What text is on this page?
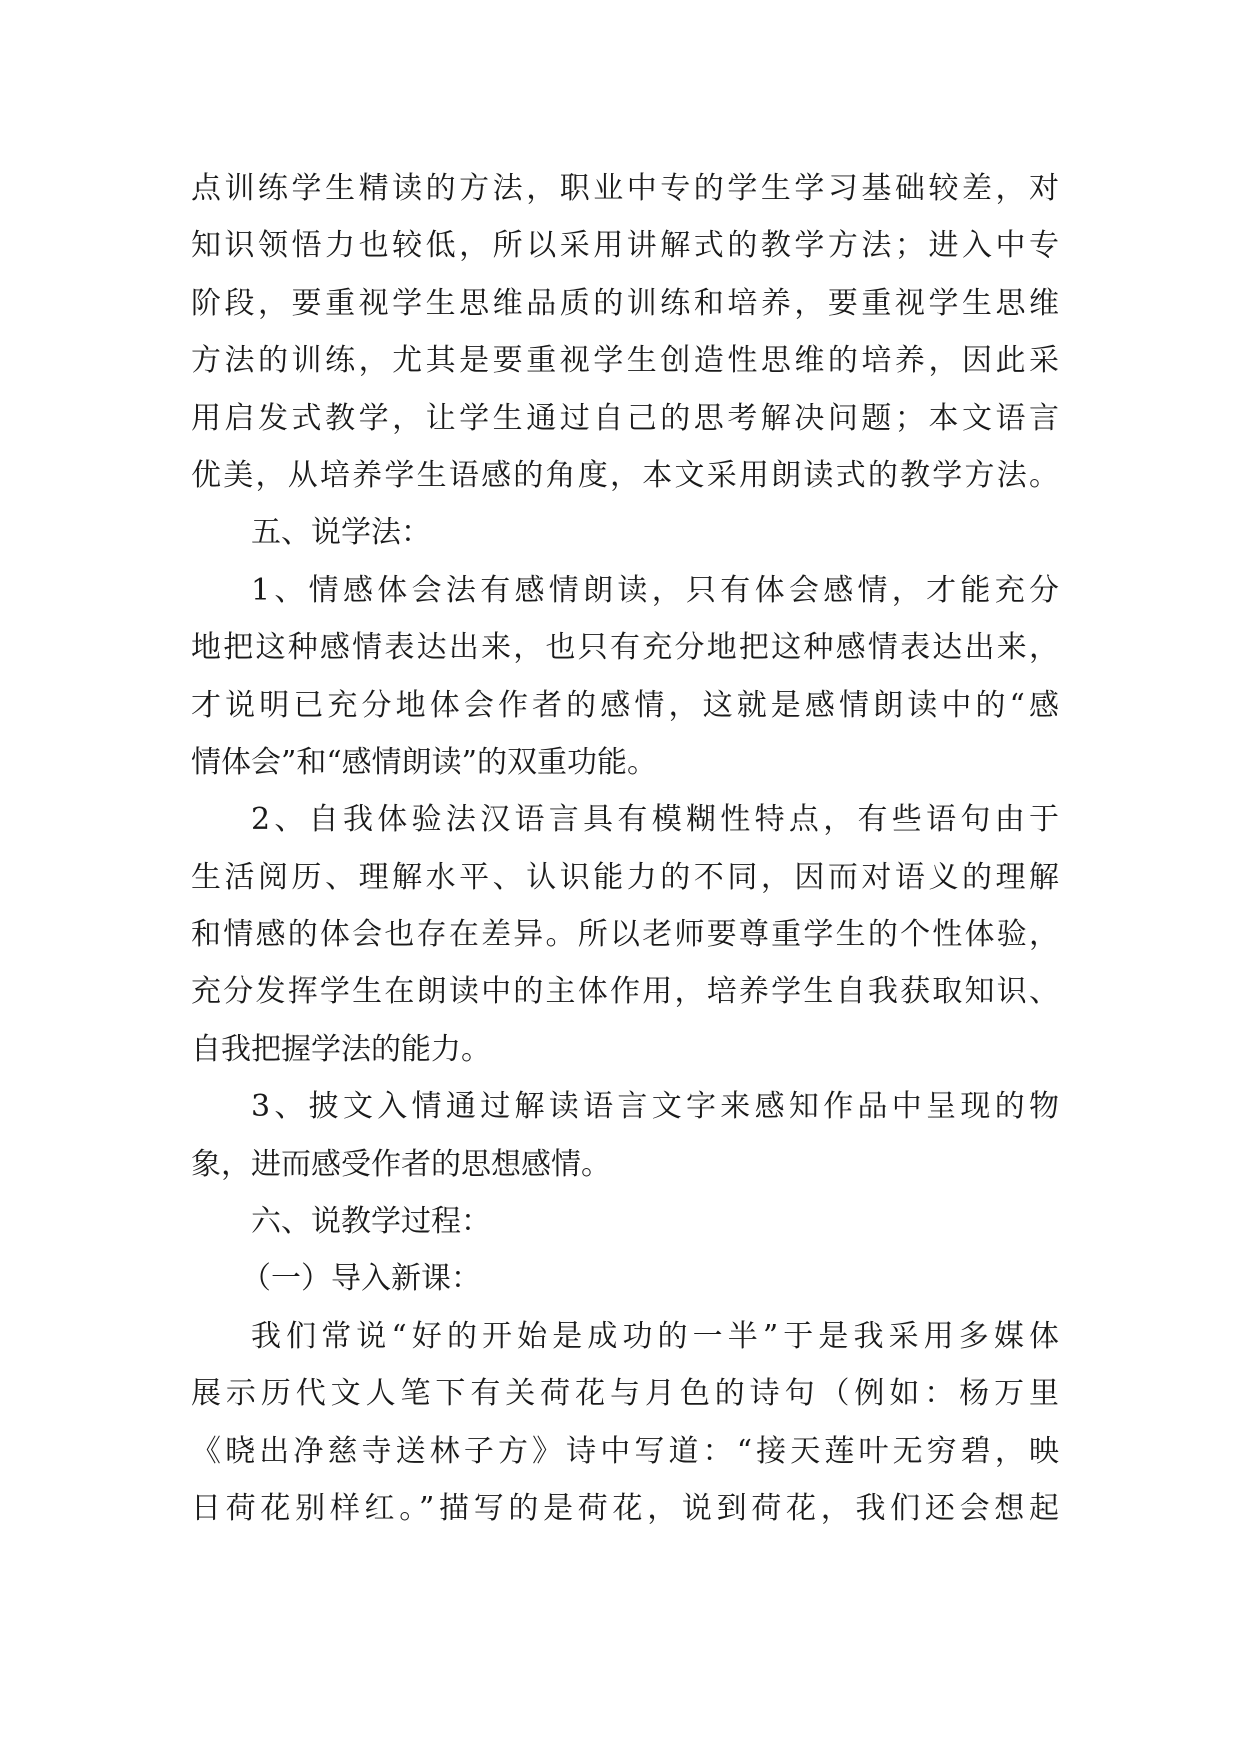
点训练学生精读的方法，职业中专的学生学习基础较差，对
知识领悟力也较低，所以采用讲解式的教学方法；进入中专
阶段，要重视学生思维品质的训练和培养，要重视学生思维
方法的训练，尤其是要重视学生创造性思维的培养，因此采
用启发式教学，让学生通过自己的思考解决问题；本文语言
优美，从培养学生语感的角度，本文采用朗读式的教学方法。
五、说学法：
1、情感体会法有感情朗读，只有体会感情，才能充分
地把这种感情表达出来，也只有充分地把这种感情表达出来，
才说明已充分地体会作者的感情，这就是感情朗读中的“感
情体会”和“感情朗读”的双重功能。
2、自我体验法汉语言具有模糊性特点，有些语句由于
生活阅历、理解水平、认识能力的不同，因而对语义的理解
和情感的体会也存在差异。所以老师要尊重学生的个性体验，
充分发挥学生在朗读中的主体作用，培养学生自我获取知识、
自我把握学法的能力。
3、披文入情通过解读语言文字来感知作品中呈现的物
象，进而感受作者的思想感情。
六、说教学过程：
（一）导入新课：
我们常说“好的开始是成功的一半”于是我采用多媒体
展示历代文人笔下有关荷花与月色的诗句（例如：杨万里
《晓出净慈寺送林子方》诗中写道：“接天莲叶无穷碧，映
日荷花别样红。”描写的是荷花，说到荷花，我们还会想起
